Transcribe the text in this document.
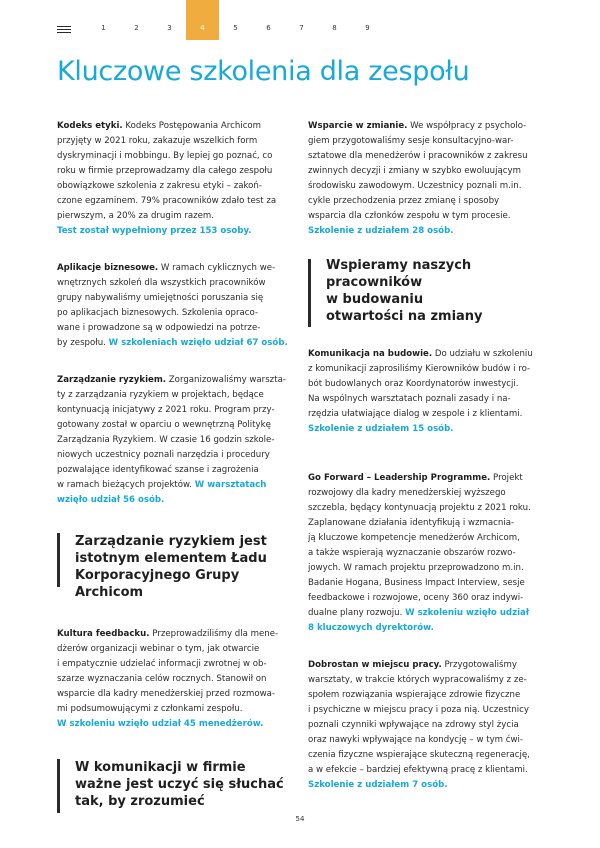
1	2	3	4	5	6	7	8	9
Kluczowe szkolenia dla zespołu

Kodeks etyki. Kodeks Postępowania Archicom

przyjęty w 2021 roku, zakazuje wszelkich form

dyskryminacji i mobbingu. By lepiej go poznać, co

roku w firmie przeprowadzamy dla całego zespołu

obowiązkowe szkolenia z zakresu etyki – zakoń-

czone egzaminem. 79% pracowników zdało test za

pierwszym, a 20% za drugim razem.

Test został wypełniony przez 153 osoby.

Aplikacje biznesowe. W ramach cyklicznych we-

wnętrznych szkoleń dla wszystkich pracowników

grupy nabywaliśmy umiejętności poruszania się

po aplikacjach biznesowych. Szkolenia opraco-

wane i prowadzone są w odpowiedzi na potrze-

by zespołu. W szkoleniach wzięło udział 67 osób.

Zarządzanie ryzykiem. Zorganizowaliśmy warszta-

ty z zarządzania ryzykiem w projektach, będące

kontynuacją inicjatywy z 2021 roku. Program przy-

gotowany został w oparciu o wewnętrzną Politykę

Zarządzania Ryzykiem. W czasie 16 godzin szkole-

niowych uczestnicy poznali narzędzia i procedury

pozwalające identyfikować szanse i zagrożenia

w ramach bieżących projektów. W warsztatach

wzięło udział 56 osób.

Zarządzanie ryzykiem jest
istotnym elementem Ładu
Korporacyjnego Grupy Archicom

Kultura feedbacku. Przeprowadziliśmy dla mene-

dżerów organizacji webinar o tym, jak otwarcie

i empatycznie udzielać informacji zwrotnej w ob-

szarze wyznaczania celów rocznych. Stanowił on

wsparcie dla kadry menedżerskiej przed rozmowa-

mi podsumowującymi z członkami zespołu.

W szkoleniu wzięło udział 45 menedżerów.

W komunikacji w firmie
ważne jest uczyć się słuchać
tak, by zrozumieć

Wsparcie w zmianie. We współpracy z psycholo-

giem przygotowaliśmy sesje konsultacyjno-war-

sztatowe dla menedżerów i pracowników z zakresu

zwinnych decyzji i zmiany w szybko ewoluującym

środowisku zawodowym. Uczestnicy poznali m.in.

cykle przechodzenia przez zmianę i sposoby

wsparcia dla członków zespołu w tym procesie.

Szkolenie z udziałem 28 osób.

Wspieramy naszych
pracowników
w budowaniu
otwartości na zmiany

Komunikacja na budowie. Do udziału w szkoleniu

z komunikacji zaprosiliśmy Kierowników budów i ro-

bót budowlanych oraz Koordynatorów inwestycji.

Na wspólnych warsztatach poznali zasady i na-

rzędzia ułatwiające dialog w zespole i z klientami.

Szkolenie z udziałem 15 osób.

Go Forward – Leadership Programme. Projekt

rozwojowy dla kadry menedżerskiej wyższego

szczebla, będący kontynuacją projektu z 2021 roku.

Zaplanowane działania identyfikują i wzmacnia-

ją kluczowe kompetencje menedżerów Archicom,

a także wspierają wyznaczanie obszarów rozwo-

jowych. W ramach projektu przeprowadzono m.in.

Badanie Hogana, Business Impact Interview, sesje

feedbackowe i rozwojowe, oceny 360 oraz indywi-

dualne plany rozwoju. W szkoleniu wzięło udział

8 kluczowych dyrektorów.

Dobrostan w miejscu pracy. Przygotowaliśmy

warsztaty, w trakcie których wypracowaliśmy z ze-

społem rozwiązania wspierające zdrowie fizyczne

i psychiczne w miejscu pracy i poza nią. Uczestnicy

poznali czynniki wpływające na zdrowy styl życia

oraz nawyki wpływające na kondycję – w tym ćwi-

czenia fizyczne wspierające skuteczną regenerację,

a w efekcie – bardziej efektywną pracę z klientami.

Szkolenie z udziałem 7 osób.

54
